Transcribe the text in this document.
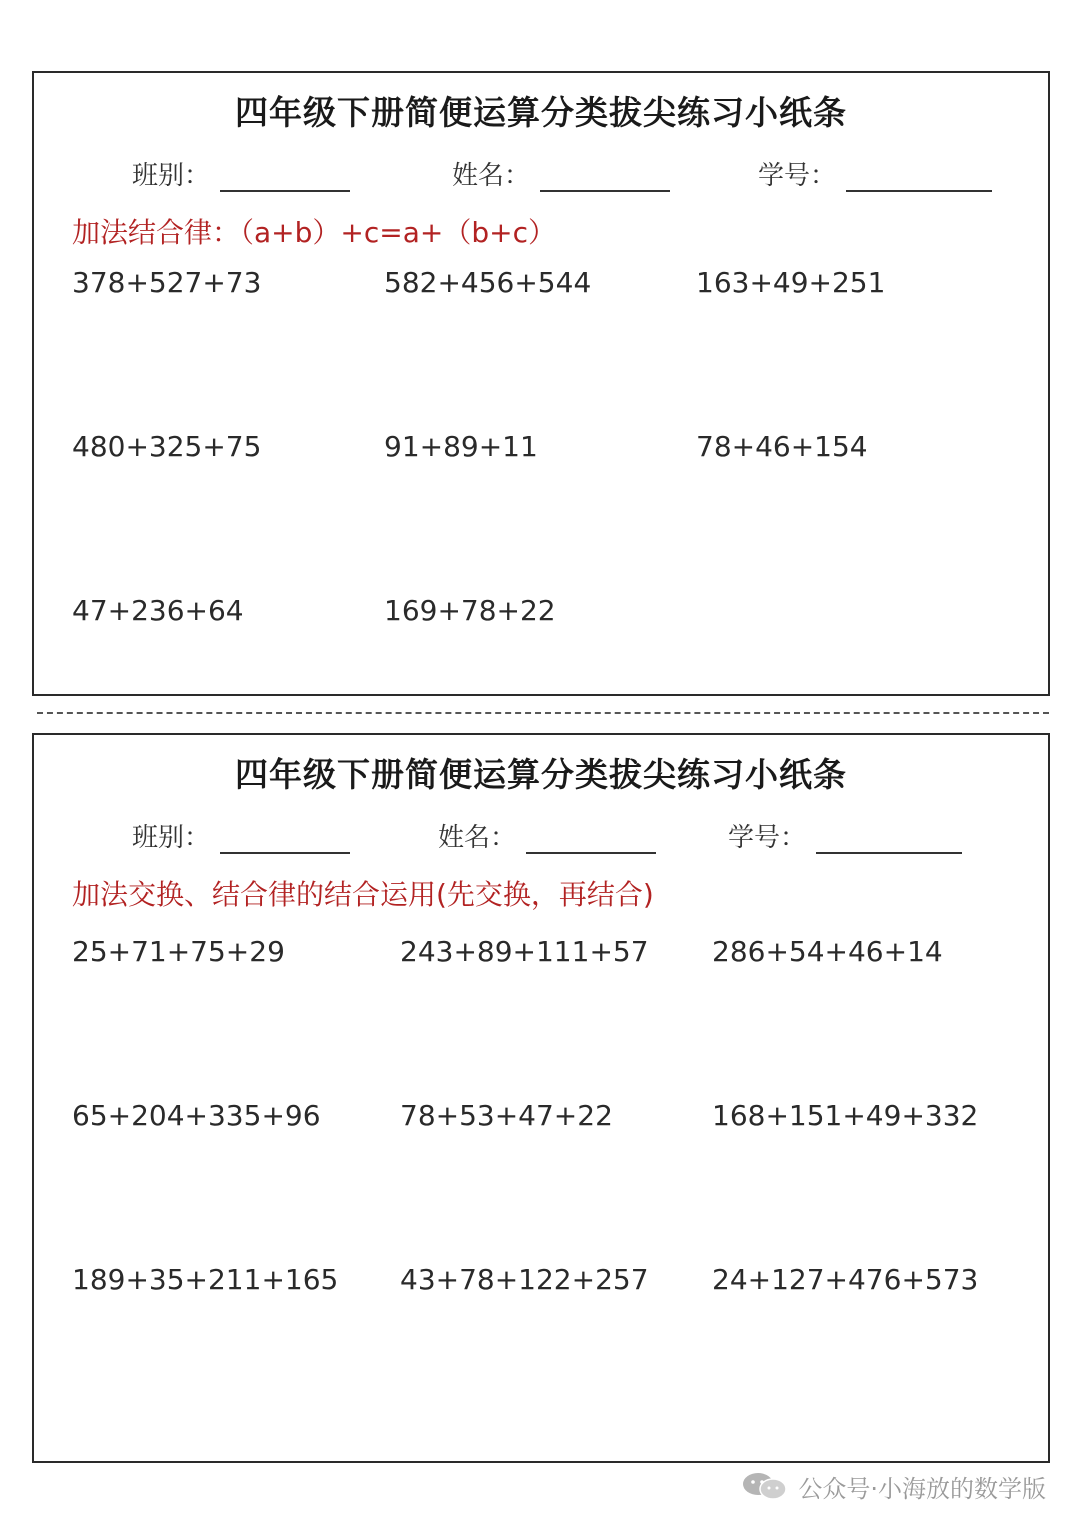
四年级下册简便运算分类拔尖练习小纸条
班别：	姓名：	学号：
加法结合律：（a+b）+c=a+（b+c）
378+527+73	582+456+544	163+49+251
480+325+75	91+89+11	78+46+154
47+236+64	169+78+22
四年级下册简便运算分类拔尖练习小纸条
班别：	姓名：	学号：
加法交换、结合律的结合运用(先交换，再结合)
25+71+75+29	243+89+111+57 286+54+46+14
65+204+335+96	78+53+47+22	168+151+49+332
189+35+211+165 43+78+122+257 24+127+476+573
公众号·小海放的数学版
